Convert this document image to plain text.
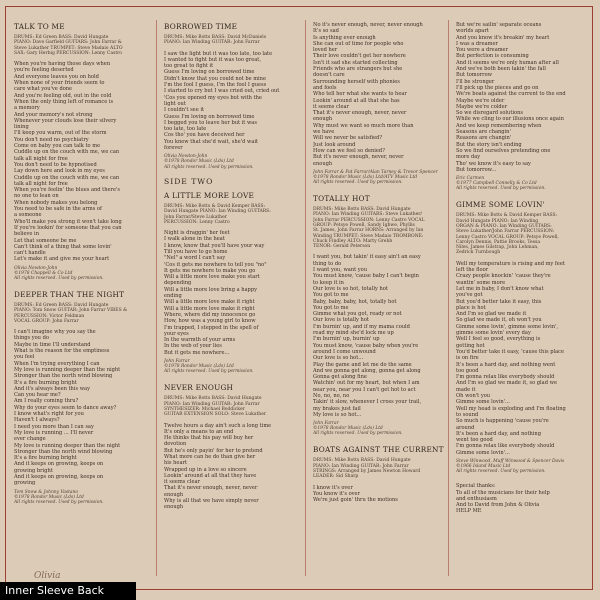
TALK TO ME
DRUMS: Ed Green BASS: David Hungate
PIANO: Dave Garfield GUITARS: John Farrar &
Steve Lukather TRUMPET: Steve Madaio ALTO
SAX: Gary Herbig PERCUSSION: Lenny Castro
When you're having those days when
you're feeling deserted
And everyone leaves you on hold
When none of your friends seem to
care what you've done
And you're feeling old, out in the cold
When the only thing left of romance is
a memory
And your memory's not strong
Whenever your clouds lose their silvery
lining
I'll keep you warm, out of the storm
You don't need no psychiatry
Come on baby you can talk to me
Cuddle up on the couch with me, we can
talk all night for free
You don't need to be hypnotised
Lay down here and look in my eyes
Cuddle up on the couch with me, we can
talk all night for free
When you're feelin' the blues and there's
no one to lean on
When nobody makes you belong
You need to be safe in the arms of
a someone
Who'll make you strong it won't take long
If you're lookin' for someone that you can
believe in
Let that someone be me
Can't think of a thing that some lovin'
can't handle
Let's make it and give me your heart
Olivia Newton-John
©1978 Chappell & Co Ltd
All rights reserved. Used by permission.
DEEPER THAN THE NIGHT
DRUMS: Ed Green BASS: David Hungate
PIANO: Tom Snow GUITAR: John Farrar VIBES &
PERCUSSION: Victor Feldman
VOCAL GROUP: John Farrar
I can't imagine why you say the
things you do
Maybe in time I'll understand
What is the reason for the emptiness
you feel
When I'm trying everything I can
My love is running deeper than the night
Stronger than the north wind blowing
It's a fire burning bright
And it's always been this way
Can you hear me?
Am I really coming thru?
Why do your eyes seem to dance away?
I know what's right for you
Haven't I always?
I need you more than I can say
My love is running ... I'll never
ever change
My love is running deeper than the night
Stronger than the north wind blowing
It's a fire burning bright
And it keeps on growing, keeps on
growing bright
And it keeps on growing, keeps on
growing
Tom Snow & Johnny Vastano
©1978 Rondor Music (Lds) Ltd
All rights reserved. Used by permission.
BORROWED TIME
DRUMS: Mike Botts BASS: David McDaniels
PIANO: Ian Winding GUITAR: John Farrar
I saw the light but it was too late, too late
I wanted to fight but it was too great,
too great to fight it
Guess I'm loving on borrowed time
Didn't know that you could not be mine
I'm the fool I guess, I'm the fool I guess
I started to cry but I was cried out, cried out
'Cos you opened my eyes but with the
light out
I couldn't see it
Guess I'm loving on borrowed time
I begged you to leave her but it was
too late, too late
Cos tho' you have deceived her
You knew that she'd wait, she'd wait
forever
Olivia Newton-John
©1978 Rondor Music (Lds) Ltd
All rights reserved. Used by permission.
SIDE TWO
A LITTLE MORE LOVE
DRUMS: Mike Botts & David Kemper BASS:
David Hungate PIANO: Ian Winding GUITARS:
John Farrar/Steve Lukather
PERCUSSION: Lenny Castro
Night is draggin' her feet
I walk alone in the heat
I know, know that you'll have your way
Till you have to go home
"Nel" a word I can't say
'Cos it gets me nowhere to tell you "no"
It gets me nowhere to make you go
Will a little more love make you start
depending
Will a little more love bring a happy
ending
Will a little more love make it right
Will a little more love make it right
Where, where did my innocence go
How, how was a young girl to know
I'm trapped, I stepped in the spell of
your eyes
In the warmth of your arms
In the web of your lies
But it gets me nowhere...
John Farrar
©1978 Rondor Music (Lds) Ltd
All rights reserved. Used by permission.
NEVER ENOUGH
DRUMS: Mike Botts BASS: David Hungate
PIANO: Ian Winding GUITAR: John Farrar
SYNTHESIZER: Michael Boddicker
GUITAR EXTENSION SOLO: Steve Lukather
Twelve hours a day ain't such a long time
It's only a means to an end
He thinks that his pay will buy her
devotion
But he's only payin' for her to pretend
What more can he do than give her
his heart
Wrapped up in a love so sincere
Lookin' around at all that they have
it seems clear
That it's never enough, never, never
enough
Why is all that we have simply never
enough
No it's never enough, never, never enough
It's so sad
Is anything ever enough
She can out of time for people who
loved her
Their love couldn't get her nowhere
Isn't it sad she started collecting
Friends who are strangers but she
doesn't care
Surrounding herself with phonies
and fools
Who tell her what she wants to hear
Lookin' around at all that she has
it seems clear
That it's never enough, never, never
enough
Why must we want so much more than
we have
Will we never be satisfied?
Just look around
How can we feel so denied?
But it's never enough, never, never
enough
John Farrar & Pat Farrar/Alan Tarney & Trevor Spencer
©1978 Rondor Music (Lds) Ltd/ATV Music Ltd
All rights reserved. Used by permission.
TOTALLY HOT
DRUMS: Mike Botts BASS: David Hungate
PIANO: Ian Winding GUITARS: Steve Lukather/
John Farrar PERCUSSION: Lenny Castro VOCAL
GROUP: Petsye Powell, Sandy Igbwe, Phyllis
St. James, John Farrar HORNS: Arranged by Ian
Winding TRUMPET: Steve Madaio TROMBONE:
Chuck Findley ALTO: Marty Grebb
TENOR: Gerald Peterson
I want you, but takin' it easy ain't an easy
thing to do
I want you, want you
You must know, 'cause baby I can't begin
to keep it in
Our love is so hot, totally hot
You got to me
Baby, baby, baby, hot, totally hot
You got to me
Gimme what you got, ready or not
Our love is totally hot
I'm burnin' up, and if my mama could
read my mind she'd lock me up
I'm burnin' up, burnin' up
You must know, 'cause baby when you're
around I come unwound
Our love is so hot...
Play the game and let me do the same
And we gonna get along, gonna get along
Gonna get along fine
Watchin' out for my heart, but when I am
near you, near you I can't get hot to act
No, no, no, no
Takin' it slow, whenever I cross your trail,
my brakes just fail
My love is so hot...
John Farrar
©1978 Rondor Music (Lds) Ltd
All rights reserved. Used by permission.
BOATS AGAINST THE CURRENT
DRUMS: Mike Botts BASS: David Hungate
PIANO: Ian Winding GUITAR: John Farrar
STRINGS: Arranged by James Newton Howard
LEADER: Sid Sharp
I know it's over
You know it's over
We're just goin' thru the motions
But we're sailin' separate oceans
worlds apart
And you know it's breakin' my heart
I was a dreamer
You were a dreamer
But perfection is consuming
And it seems we're only human after all
And we've both been takin' the fall
But tomorrow
I'll be stronger
I'll pick up the pieces and go on
We're boats against the current to the end
Maybe we're older
Maybe we're colder
So we disregard solutions
While we cling to our illusions once again
And we keep remembering when
Seasons are changin'
Reasons are changin'
But the story isn't ending
So we find ourselves pretending one
more day
Tho' we know it's easy to say
But tomorrow...
Eric Carmen
©1977 Campbell Connelly & Co Ltd
All rights reserved. Used by permission.
GIMME SOME LOVIN'
DRUMS: Mike Botts & David Kemper BASS:
David Hungate PIANO: Ian Winding
ORGAN & PIANO: Ian Winding GUITARS:
Steve Lukather/John Farrar PERCUSSION:
Lenny Castro VOCAL GROUP: Petsye Powell,
Carolyn Dennis, Pattie Brooks, Tessa
Niles, James Gilstrap, John Lehman,
Zedrick Turnbough
Well my temperature is rising and my feet
left the floor
Crazy people knockin' 'cause they're
wantin' some more
Let me in baby, I don't know what
you've got
But you'd better take it easy, this
place is hot
And I'm so glad we made it
So glad we made it, oh won't you
Gimme some lovin', gimme some lovin',
gimme some lovin' every day
Well I feel so good, everything is
getting hot
You'd better take it easy, 'cause this place
is on fire
It's been a hard day, and nothing went
too good
I'm gonna relax like everybody should
And I'm so glad we made it, so glad we
made it
Oh won't you
Gimme some lovin'...
Well my head is exploding and I'm floating
to sound
So much is happening 'cause you're
around
It's been a hard day, and nothing
went too good
I'm gonna relax like everybody should
Gimme some lovin'...
Steve Winwood, Muff Winwood & Spencer Davis
©1966 Island Music Ltd
All rights reserved. Used by permission.
Special thanks:
To all of the musicians for their help
and enthusiasm
And to David from John & Olivia
HELP ME
Olivia
Inner Sleeve Back
